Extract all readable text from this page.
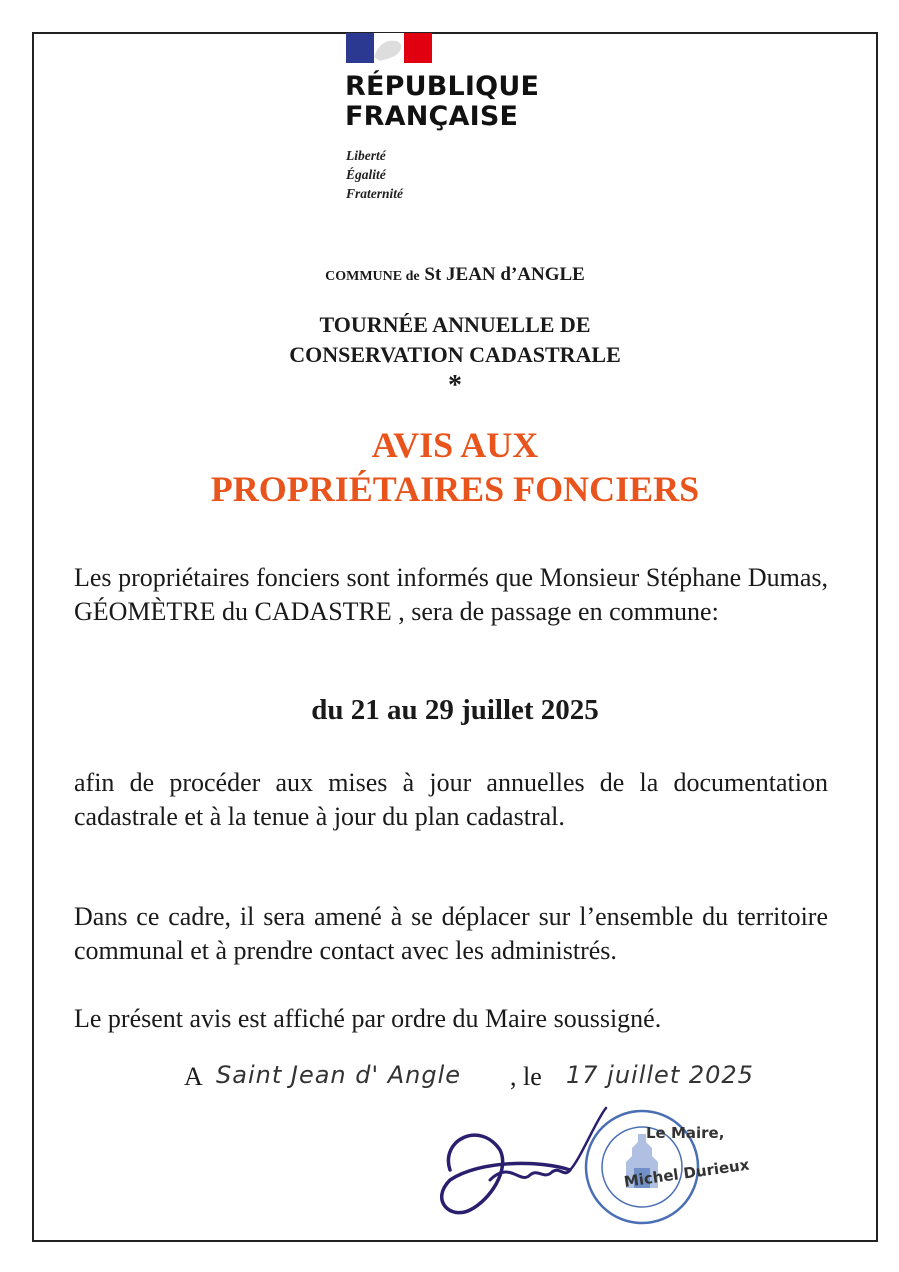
RÉPUBLIQUE
FRANÇAISE
Liberté
Égalité
Fraternité
COMMUNE de St JEAN d’ANGLE
TOURNÉE ANNUELLE DE
CONSERVATION CADASTRALE
*
AVIS AUX
PROPRIÉTAIRES FONCIERS
Les propriétaires fonciers sont informés que Monsieur Stéphane Dumas, GÉOMÈTRE du CADASTRE , sera de passage en commune:
du 21 au 29 juillet 2025
afin de procéder aux mises à jour annuelles de la documentation cadastrale et à la tenue à jour du plan cadastral.
Dans ce cadre, il sera amené à se déplacer sur l’ensemble du territoire communal et à prendre contact avec les administrés.
Le présent avis est affiché par ordre du Maire soussigné.
A Saint Jean d' Angle , le 17 juillet 2025
Le Maire,
Michel Durieux
